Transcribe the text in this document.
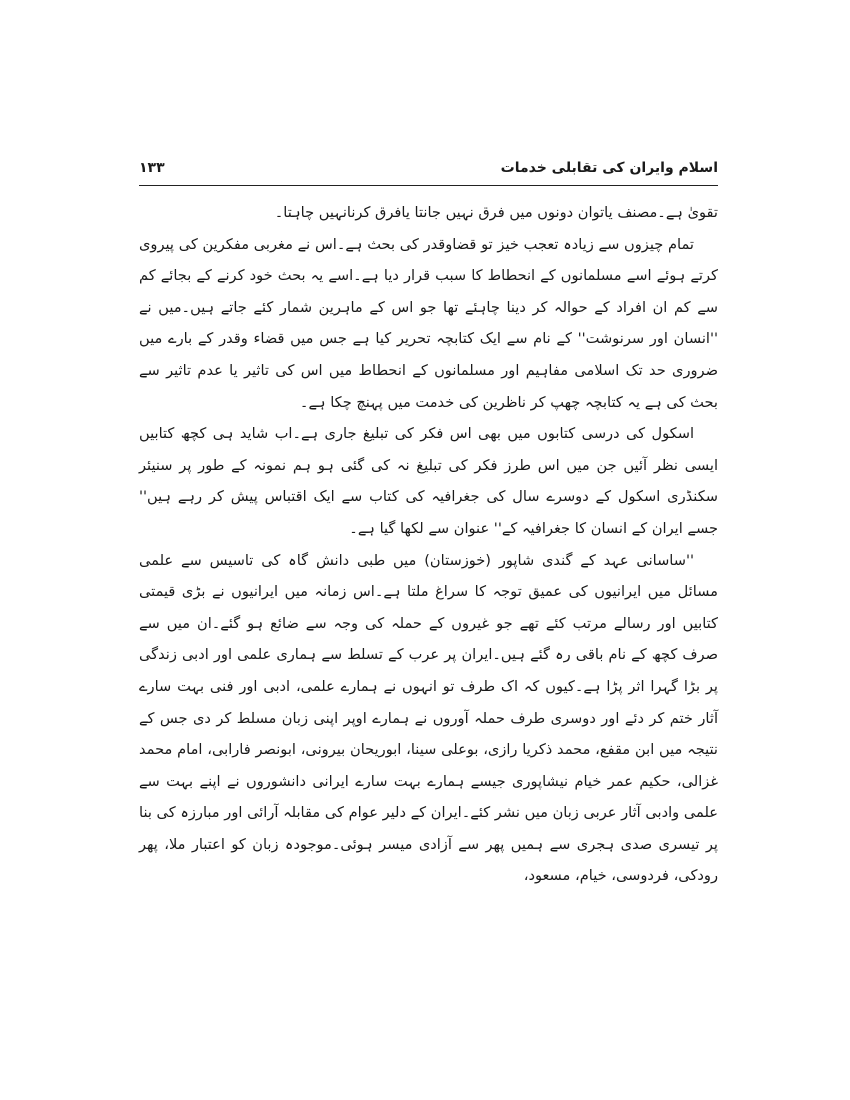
اسلام وایران کی تقابلی خدمات
۱۳۳

تقویٰ ہے۔مصنف یاتوان دونوں میں فرق نہیں جانتا یافرق کرنانہیں چاہتا۔

تمام چیزوں سے زیادہ تعجب خیز تو قضاوقدر کی بحث ہے۔اس نے مغربی مفکرین کی پیروی کرتے ہوئے اسے مسلمانوں کے انحطاط کا سبب قرار دیا ہے۔اسے یہ بحث خود کرنے کے بجائے کم سے کم ان افراد کے حوالہ کر دینا چاہئے تھا جو اس کے ماہرین شمار کئے جاتے ہیں۔میں نے ''انسان اور سرنوشت'' کے نام سے ایک کتابچہ تحریر کیا ہے جس میں قضاء وقدر کے بارے میں ضروری حد تک اسلامی مفاہیم اور مسلمانوں کے انحطاط میں اس کی تاثیر یا عدم تاثیر سے بحث کی ہے یہ کتابچہ چھپ کر ناظرین کی خدمت میں پہنچ چکا ہے۔

اسکول کی درسی کتابوں میں بھی اس فکر کی تبلیغ جاری ہے۔اب شاید ہی کچھ کتابیں ایسی نظر آئیں جن میں اس طرز فکر کی تبلیغ نہ کی گئی ہو ہم نمونہ کے طور پر سنیئر سکنڈری اسکول کے دوسرے سال کی جغرافیہ کی کتاب سے ایک اقتباس پیش کر رہے ہیں'' جسے ایران کے انسان کا جغرافیہ کے'' عنوان سے لکھا گیا ہے۔

''ساسانی عہد کے گندی شاپور (خوزستان) میں طبی دانش گاہ کی تاسیس سے علمی مسائل میں ایرانیوں کی عمیق توجہ کا سراغ ملتا ہے۔اس زمانہ میں ایرانیوں نے بڑی قیمتی کتابیں اور رسالے مرتب کئے تھے جو غیروں کے حملہ کی وجہ سے ضائع ہو گئے۔ان میں سے صرف کچھ کے نام باقی رہ گئے ہیں۔ایران پر عرب کے تسلط سے ہماری علمی اور ادبی زندگی پر بڑا گہرا اثر پڑا ہے۔کیوں کہ اک طرف تو انہوں نے ہمارے علمی، ادبی اور فنی بہت سارے آثار ختم کر دئے اور دوسری طرف حملہ آوروں نے ہمارے اوپر اپنی زبان مسلط کر دی جس کے نتیجہ میں ابن مقفع، محمد ذکریا رازی، بوعلی سینا، ابوریحان بیرونی، ابونصر فارابی، امام محمد غزالی، حکیم عمر خیام نیشاپوری جیسے ہمارے بہت سارے ایرانی دانشوروں نے اپنے بہت سے علمی وادبی آثار عربی زبان میں نشر کئے۔ایران کے دلیر عوام کی مقابلہ آرائی اور مبارزہ کی بنا پر تیسری صدی ہجری سے ہمیں پھر سے آزادی میسر ہوئی۔موجودہ زبان کو اعتبار ملا، پھر رودکی، فردوسی، خیام، مسعود،
